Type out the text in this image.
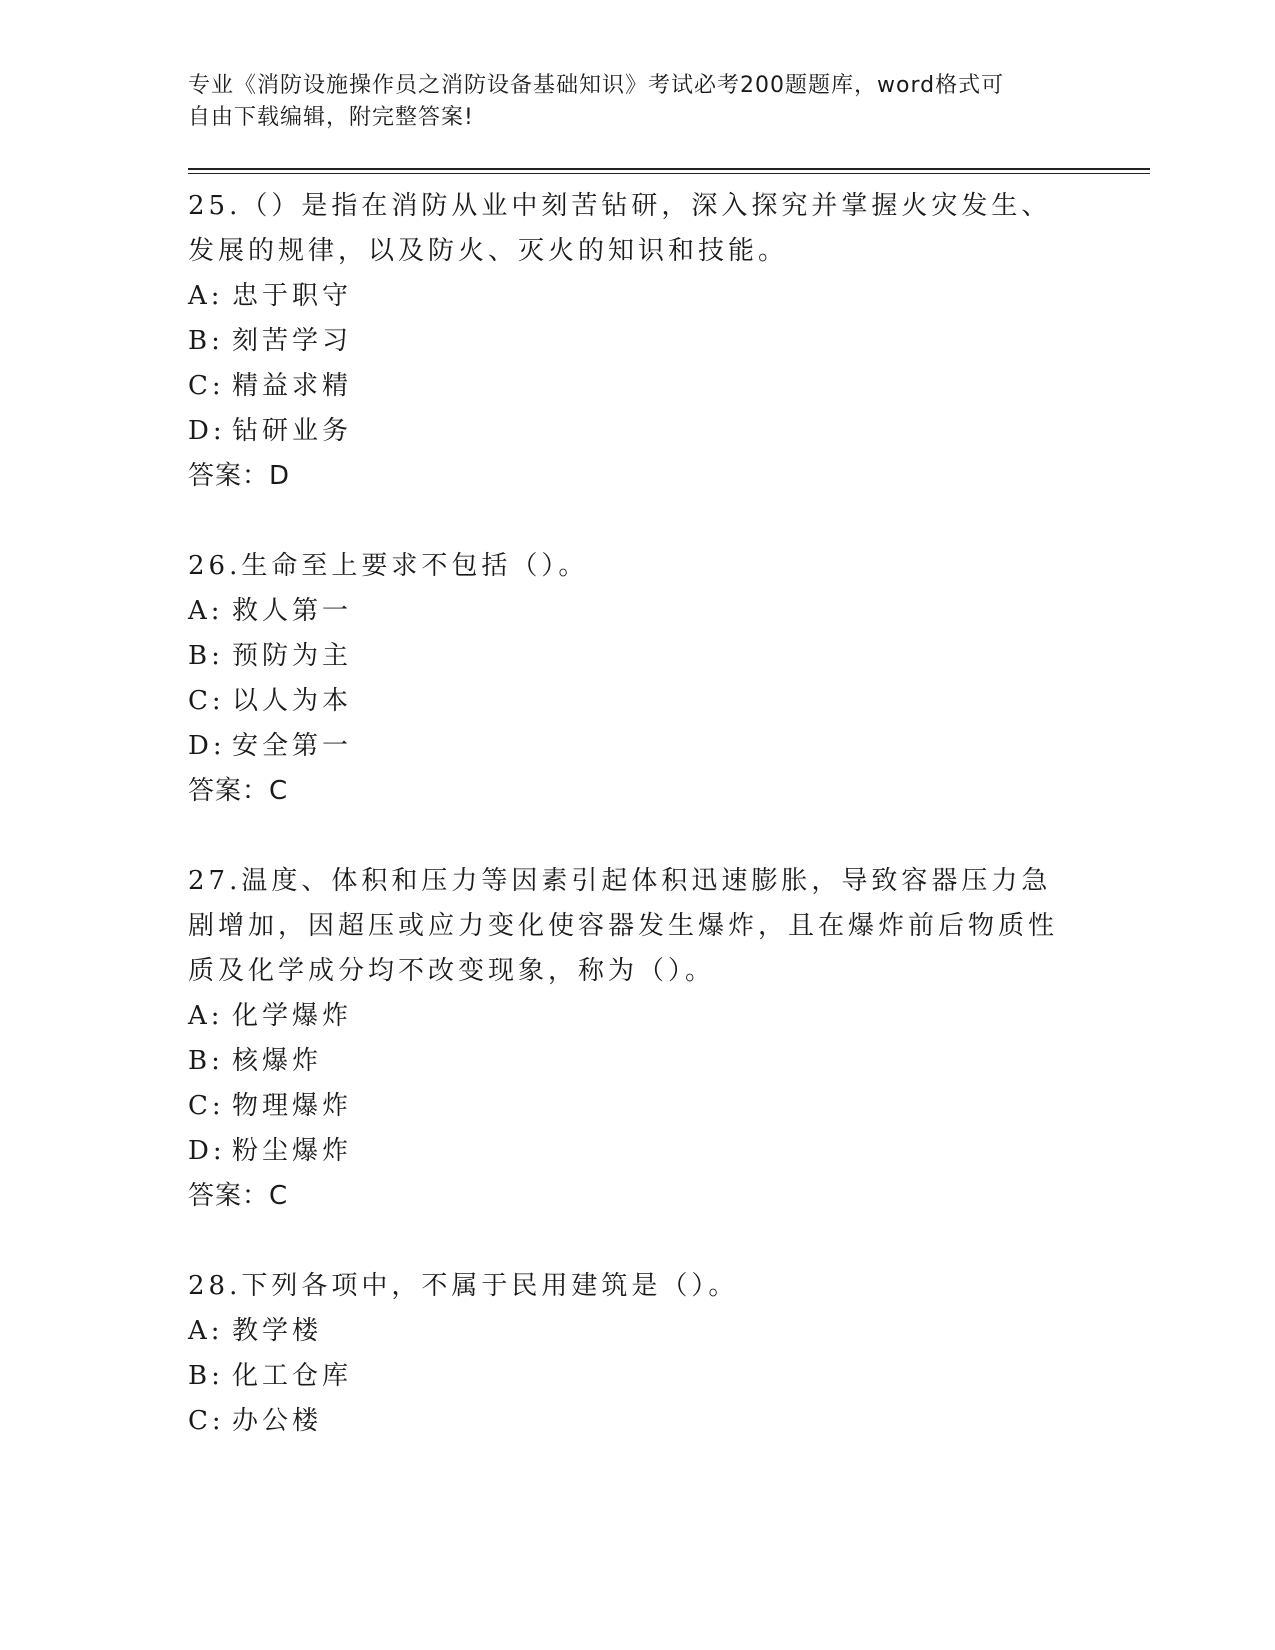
专业《消防设施操作员之消防设备基础知识》考试必考200题题库，word格式可
自由下载编辑，附完整答案!

25.（）是指在消防从业中刻苦钻研，深入探究并掌握火灾发生、发展的规律，以及防火、灭火的知识和技能。

A: 忠于职守

B: 刻苦学习

C: 精益求精

D: 钻研业务

答案：D

26.生命至上要求不包括（）。

A: 救人第一

B: 预防为主

C: 以人为本

D: 安全第一

答案：C

27.温度、体积和压力等因素引起体积迅速膨胀，导致容器压力急剧增加，因超压或应力变化使容器发生爆炸，且在爆炸前后物质性质及化学成分均不改变现象，称为（）。

A: 化学爆炸

B: 核爆炸

C: 物理爆炸

D: 粉尘爆炸

答案：C

28.下列各项中，不属于民用建筑是（）。

A: 教学楼

B: 化工仓库

C: 办公楼
